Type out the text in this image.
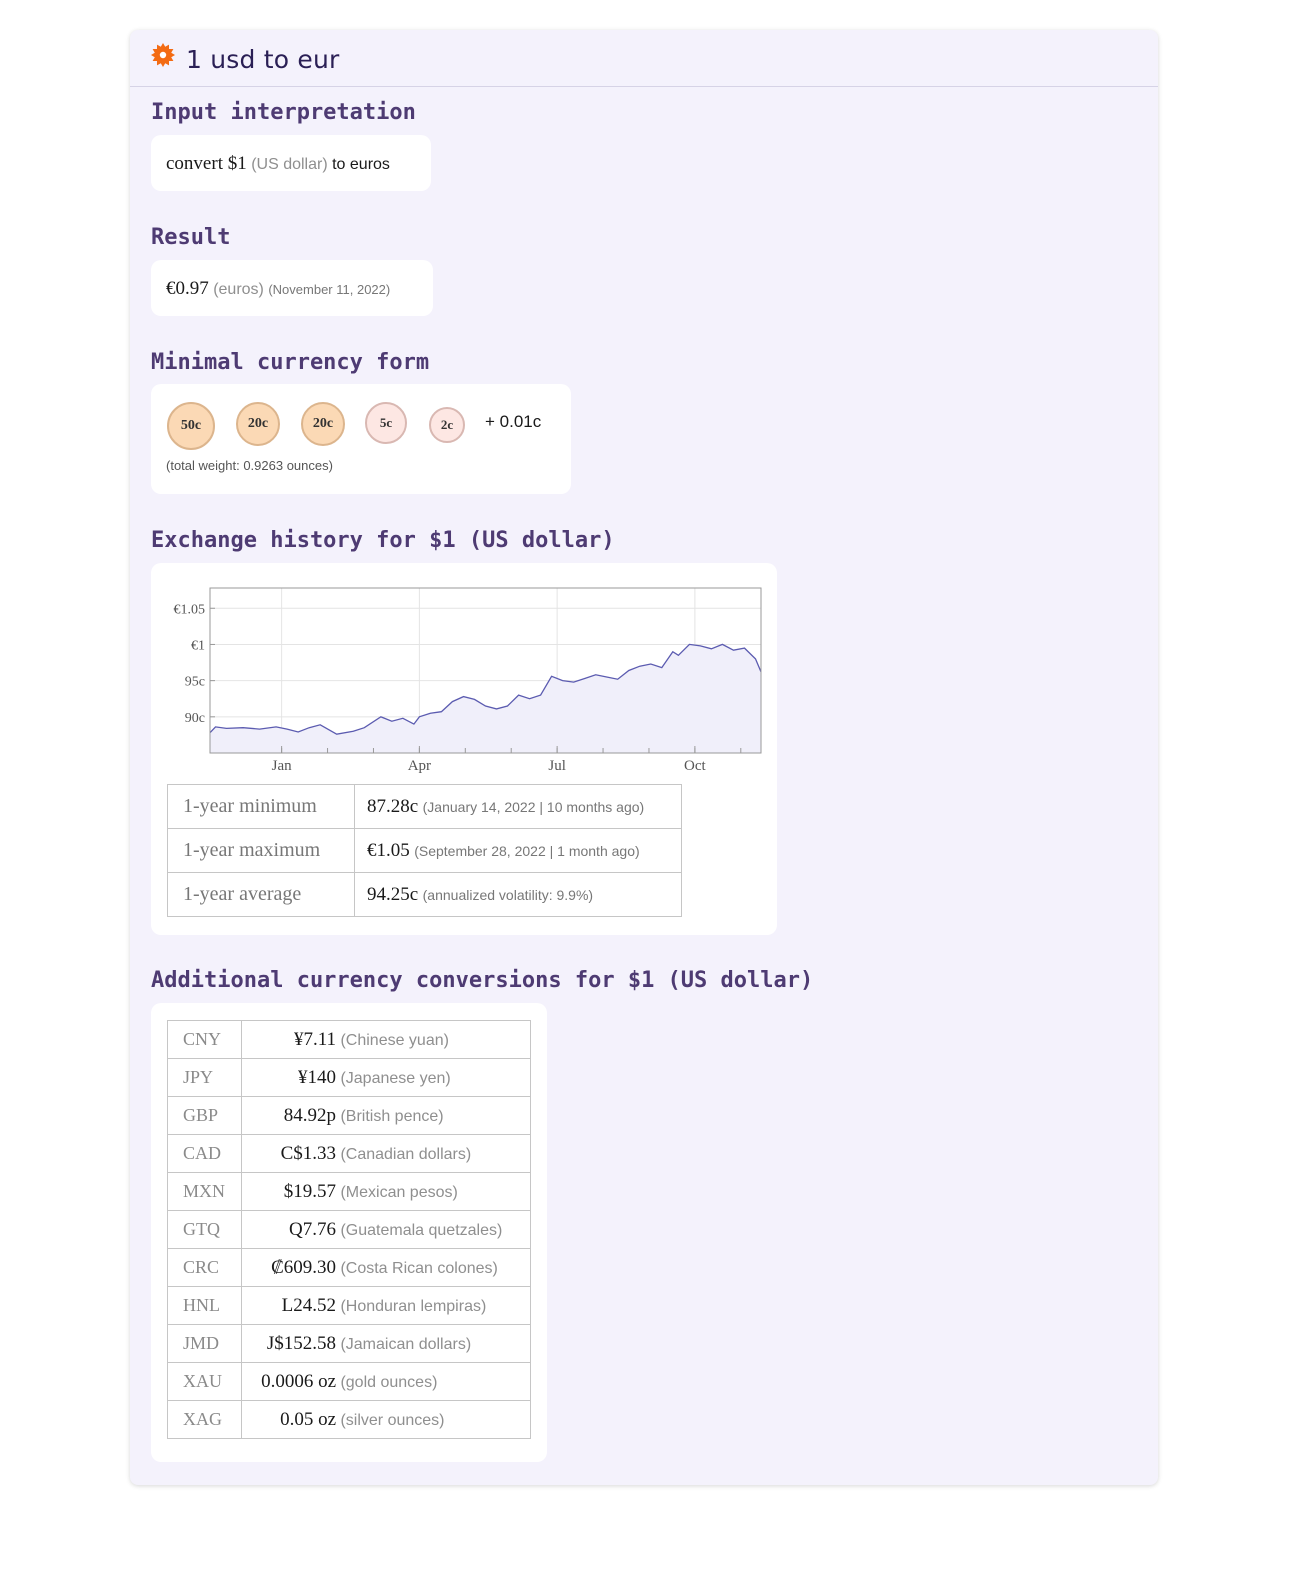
1 usd to eur
Input interpretation
convert $1 (US dollar) to euros
Result
€0.97 (euros) (November 11, 2022)
Minimal currency form
50c	20c	20c	5c	2c	+ 0.01c
(total weight: 0.9263 ounces)
Exchange history for $1 (US dollar)
€1.05
€1
95c
90c
Jan	Apr	Jul	Oct
1-year minimum	87.28c (January 14, 2022 | 10 months ago)
1-year maximum	€1.05 (September 28, 2022 | 1 month ago)
1-year average	94.25c (annualized volatility: 9.9%)
Additional currency conversions for $1 (US dollar)
CNY	¥7.11 (Chinese yuan)
JPY	¥140 (Japanese yen)
GBP	84.92p (British pence)
CAD	C$1.33 (Canadian dollars)
MXN	$19.57 (Mexican pesos)
GTQ	Q7.76 (Guatemala quetzales)
CRC	₡609.30 (Costa Rican colones)
HNL	L24.52 (Honduran lempiras)
JMD	J$152.58 (Jamaican dollars)
XAU	0.0006 oz (gold ounces)
XAG	0.05 oz (silver ounces)
